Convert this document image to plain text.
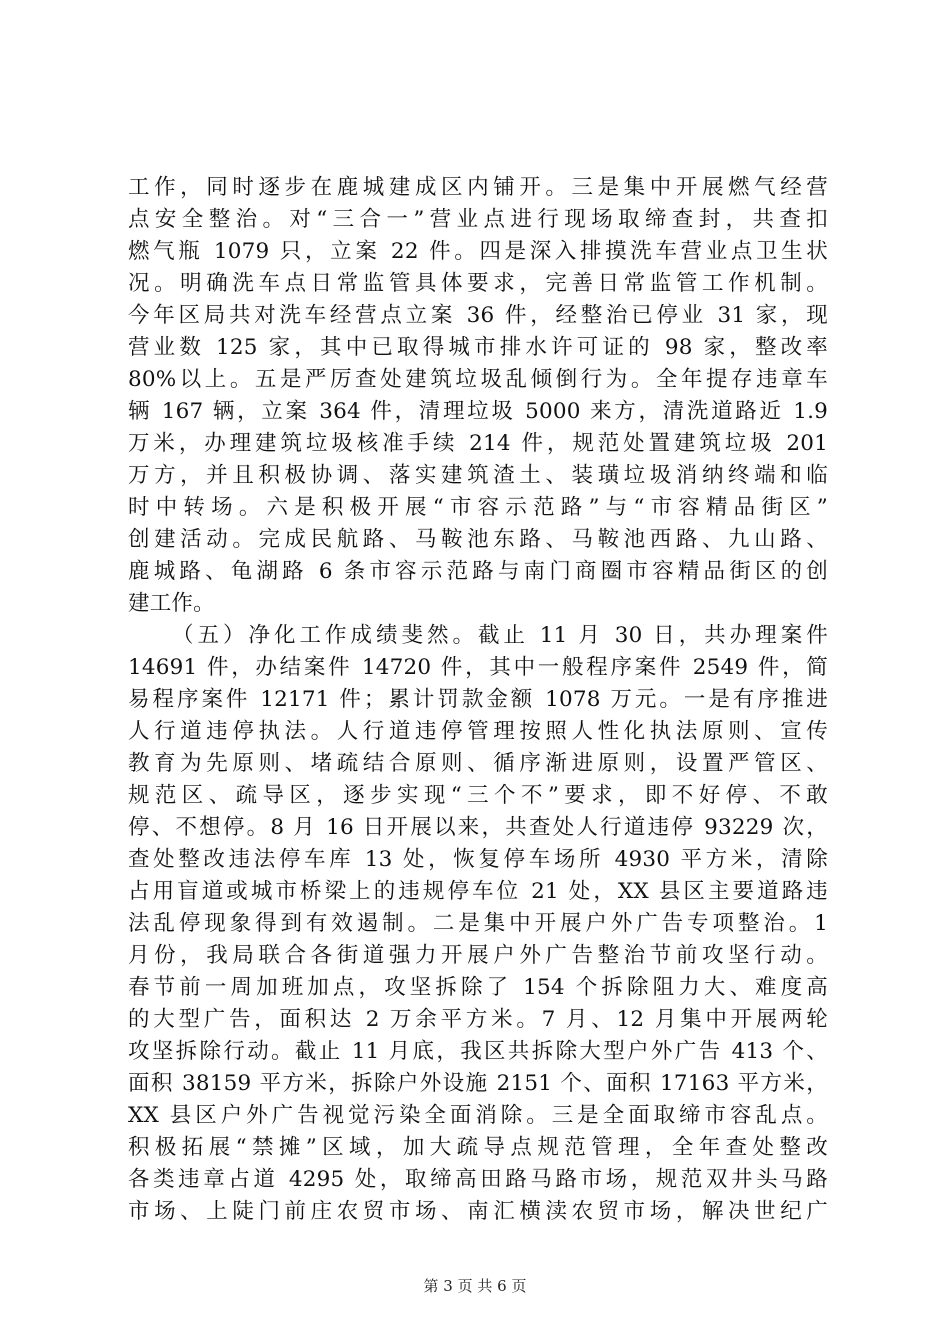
工作，同时逐步在鹿城建成区内铺开。三是集中开展燃气经营
点安全整治。对“三合一”营业点进行现场取缔查封，共查扣
燃气瓶 1079 只，立案 22 件。四是深入排摸洗车营业点卫生状
况。明确洗车点日常监管具体要求，完善日常监管工作机制。
今年区局共对洗车经营点立案 36 件，经整治已停业 31 家，现
营业数 125 家，其中已取得城市排水许可证的 98 家，整改率
80%以上。五是严厉查处建筑垃圾乱倾倒行为。全年提存违章车
辆 167 辆，立案 364 件，清理垃圾 5000 来方，清洗道路近 1.9
万米，办理建筑垃圾核准手续 214 件，规范处置建筑垃圾 201
万方，并且积极协调、落实建筑渣土、装璜垃圾消纳终端和临
时中转场。六是积极开展“市容示范路”与“市容精品街区”
创建活动。完成民航路、马鞍池东路、马鞍池西路、九山路、
鹿城路、龟湖路 6 条市容示范路与南门商圈市容精品街区的创
建工作。
（五）净化工作成绩斐然。截止 11 月 30 日，共办理案件
14691 件，办结案件 14720 件，其中一般程序案件 2549 件，简
易程序案件 12171 件；累计罚款金额 1078 万元。一是有序推进
人行道违停执法。人行道违停管理按照人性化执法原则、宣传
教育为先原则、堵疏结合原则、循序渐进原则，设置严管区、
规范区、疏导区，逐步实现“三个不”要求，即不好停、不敢
停、不想停。8 月 16 日开展以来，共查处人行道违停 93229 次，
查处整改违法停车库 13 处，恢复停车场所 4930 平方米，清除
占用盲道或城市桥梁上的违规停车位 21 处，XX 县区主要道路违
法乱停现象得到有效遏制。二是集中开展户外广告专项整治。1
月份，我局联合各街道强力开展户外广告整治节前攻坚行动。
春节前一周加班加点，攻坚拆除了 154 个拆除阻力大、难度高
的大型广告，面积达 2 万余平方米。7 月、12 月集中开展两轮
攻坚拆除行动。截止 11 月底，我区共拆除大型户外广告 413 个、
面积 38159 平方米，拆除户外设施 2151 个、面积 17163 平方米，
XX 县区户外广告视觉污染全面消除。三是全面取缔市容乱点。
积极拓展“禁摊”区域，加大疏导点规范管理，全年查处整改
各类违章占道 4295 处，取缔高田路马路市场，规范双井头马路
市场、上陡门前庄农贸市场、南汇横渎农贸市场，解决世纪广
第 3 页 共 6 页
